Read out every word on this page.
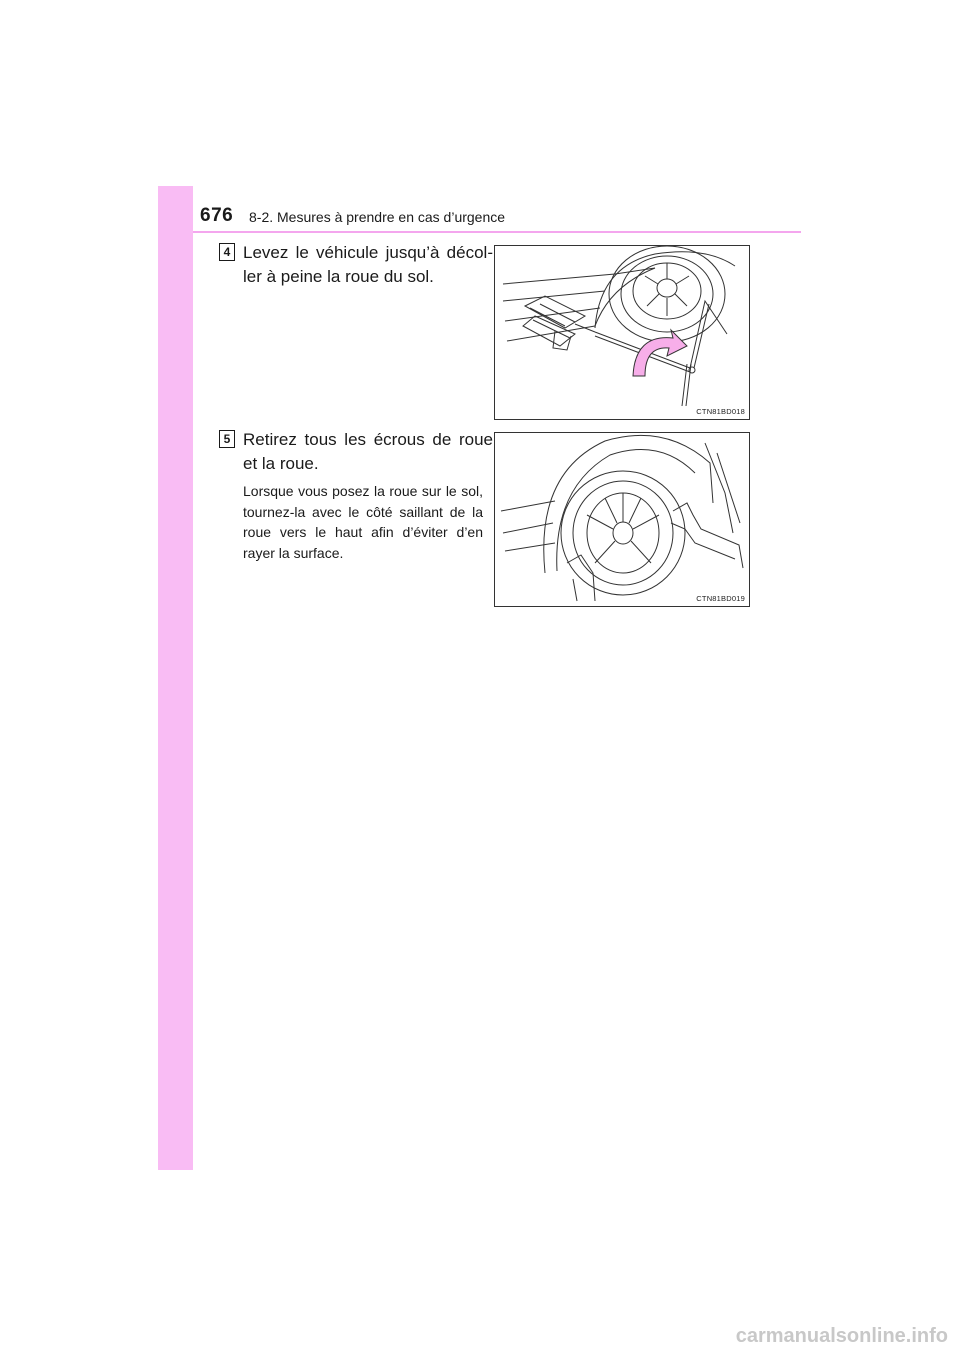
676 8-2. Mesures à prendre en cas d’urgence
4 Levez le véhicule jusqu’à décol-ler à peine la roue du sol.
CTN81BD018
5 Retirez tous les écrous de roue et la roue.
Lorsque vous posez la roue sur le sol, tournez-la avec le côté saillant de la roue vers le haut afin d’éviter d’en rayer la surface.
CTN81BD019
carmanualsonline.info
